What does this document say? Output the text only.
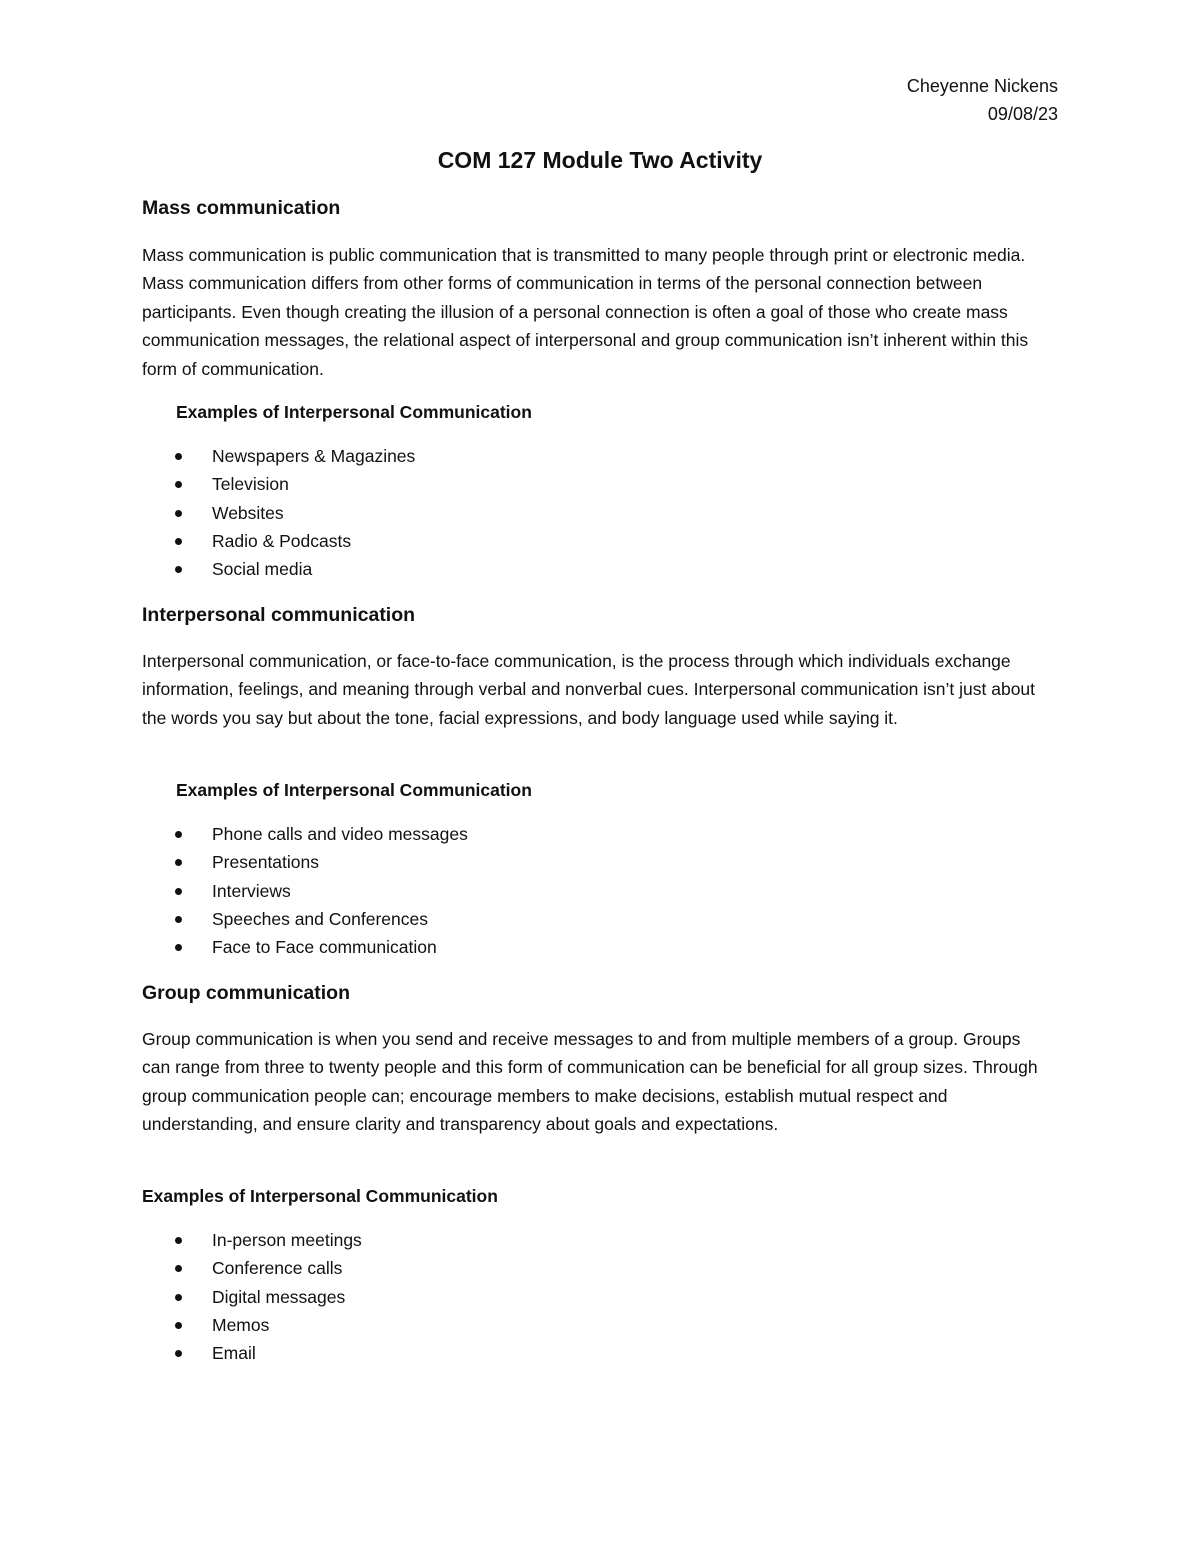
Cheyenne Nickens
09/08/23
COM 127 Module Two Activity
Mass communication

Mass communication is public communication that is transmitted to many people through print or electronic media. Mass communication differs from other forms of communication in terms of the personal connection between participants. Even though creating the illusion of a personal connection is often a goal of those who create mass communication messages, the relational aspect of interpersonal and group communication isn’t inherent within this form of communication.

Examples of Interpersonal Communication
Newspapers & Magazines
Television
Websites
Radio & Podcasts
Social media
Interpersonal communication

Interpersonal communication, or face-to-face communication, is the process through which individuals exchange information, feelings, and meaning through verbal and nonverbal cues. Interpersonal communication isn’t just about the words you say but about the tone, facial expressions, and body language used while saying it.

Examples of Interpersonal Communication
Phone calls and video messages
Presentations
Interviews
Speeches and Conferences
Face to Face communication
Group communication

Group communication is when you send and receive messages to and from multiple members of a group. Groups can range from three to twenty people and this form of communication can be beneficial for all group sizes. Through group communication people can; encourage members to make decisions, establish mutual respect and understanding, and ensure clarity and transparency about goals and expectations.

Examples of Interpersonal Communication
In-person meetings
Conference calls
Digital messages
Memos
Email
